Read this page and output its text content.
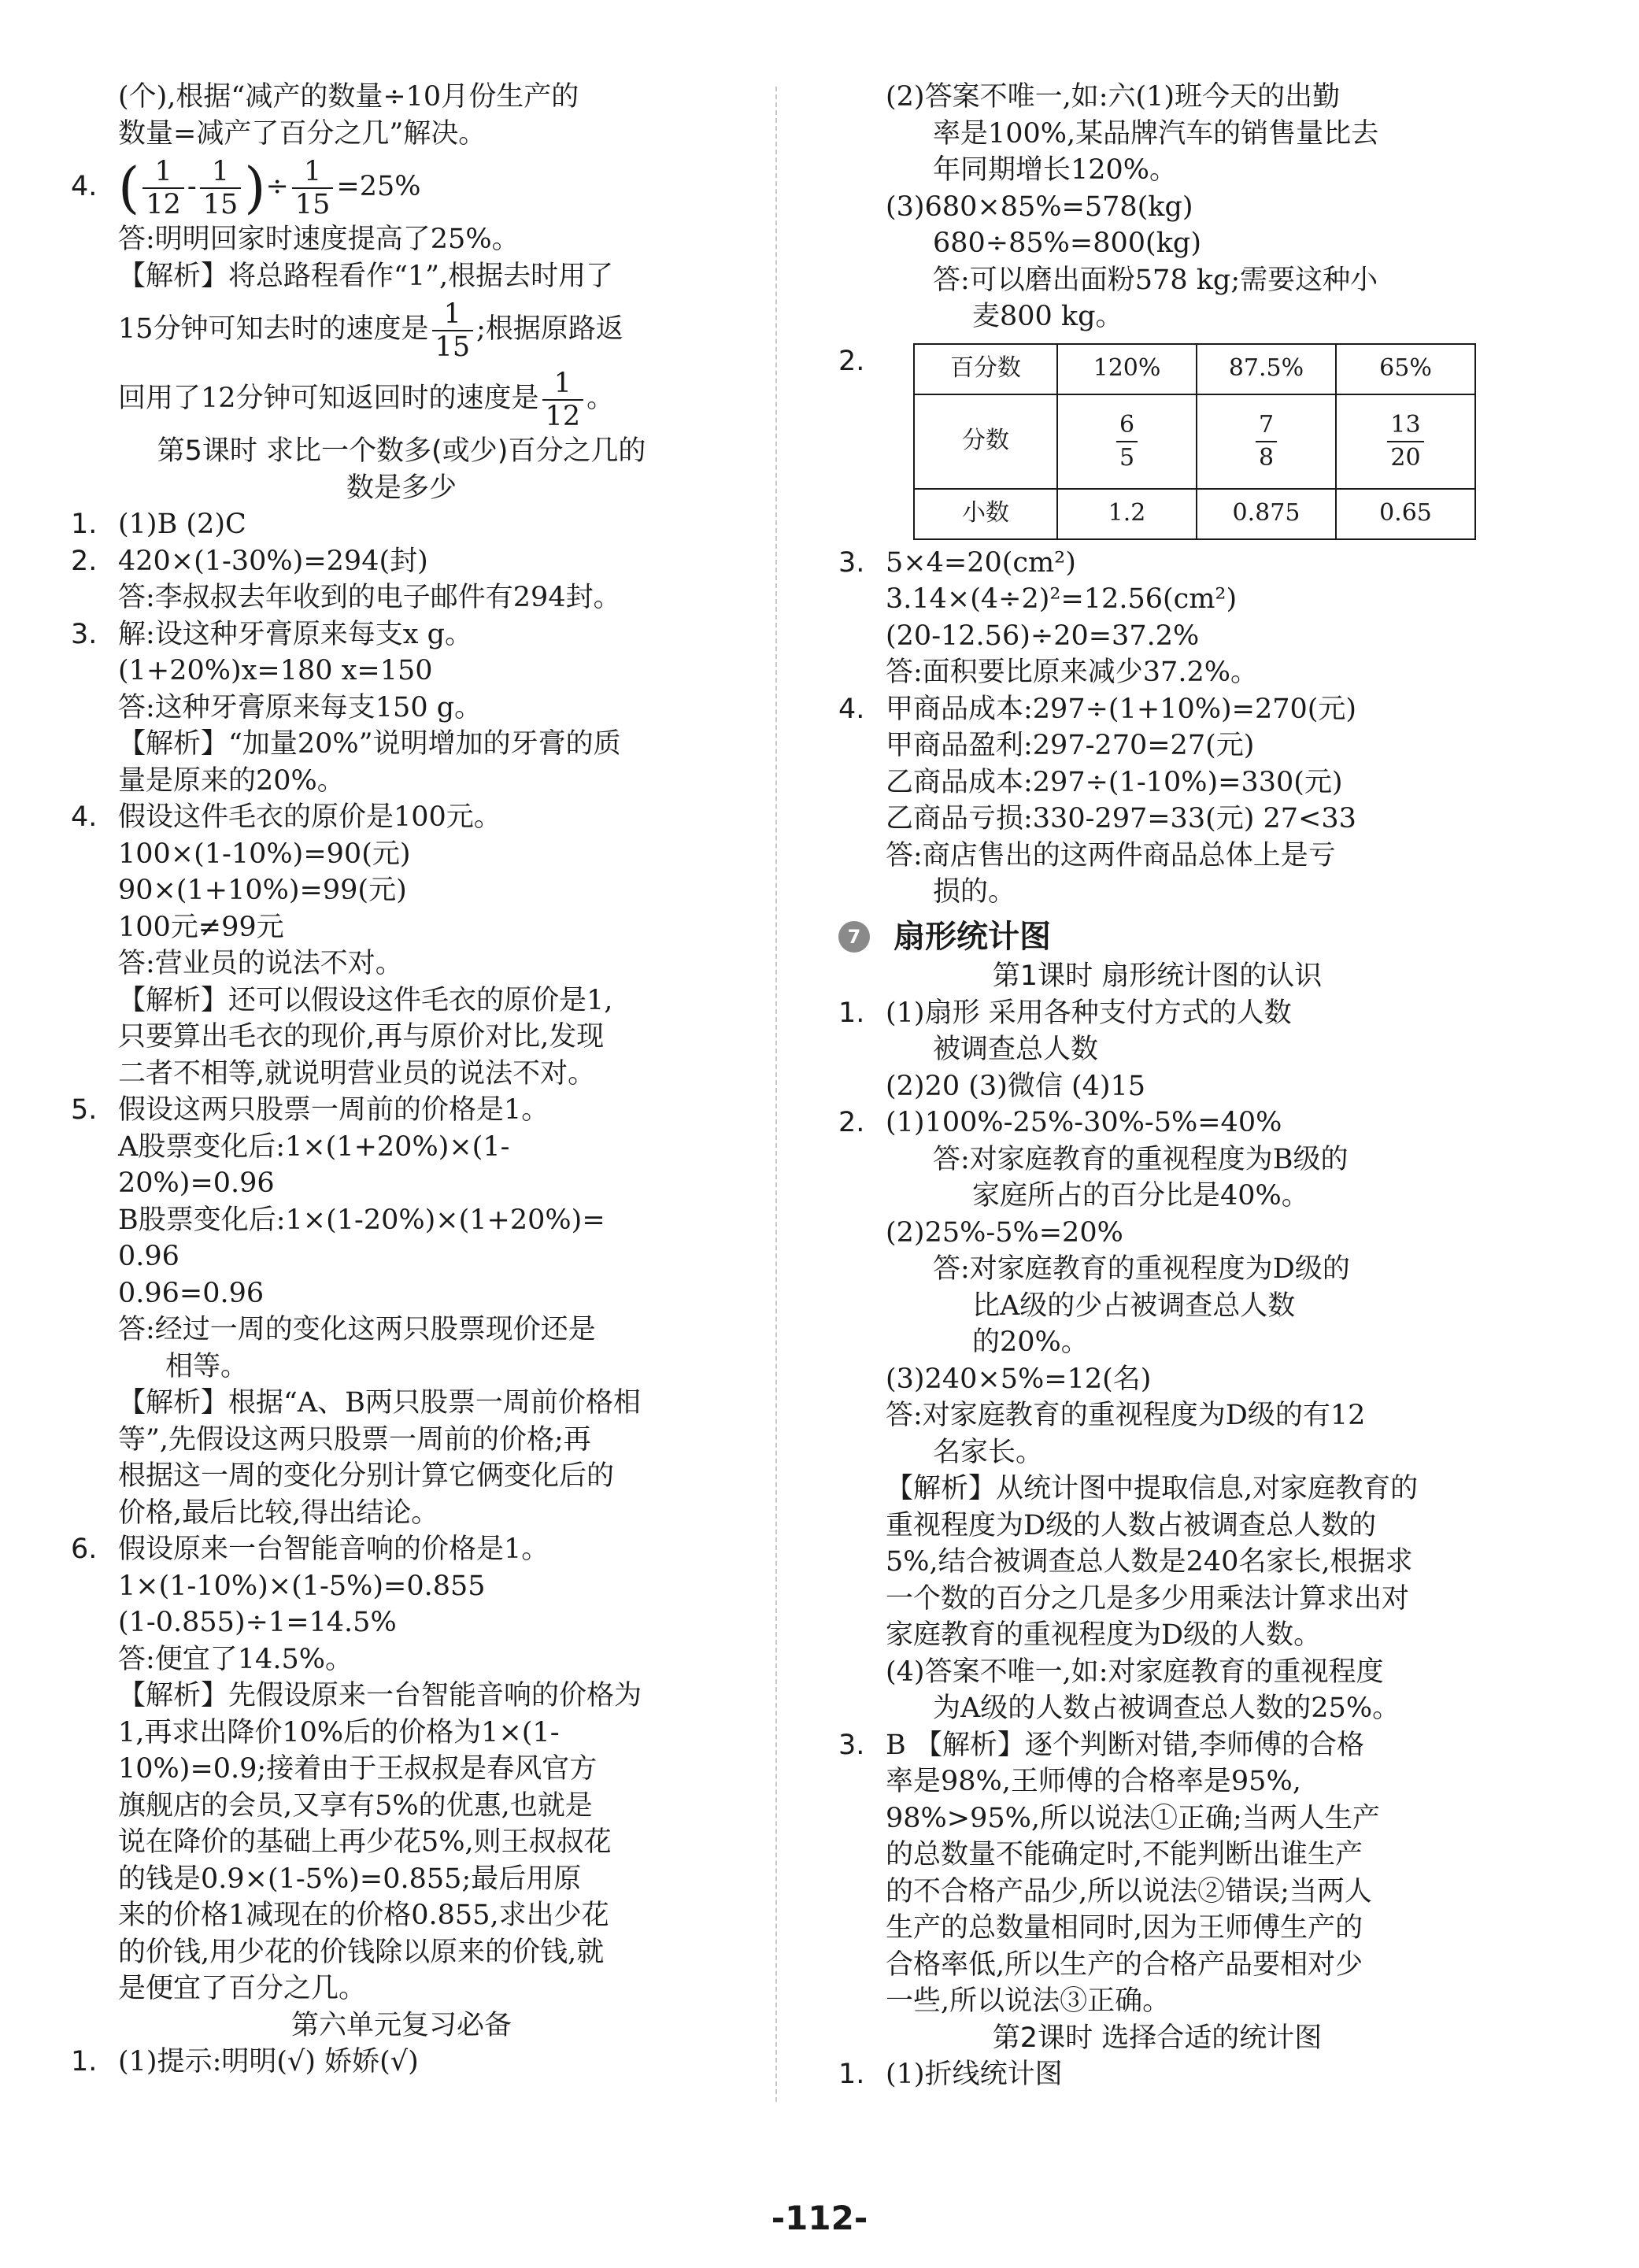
(个),根据“减产的数量÷10月份生产的
数量=减产了百分之几”解决。
4. ( $\frac{1}{12} - \frac{1}{15}$ )÷ $\frac{1}{15} =25\%$
答:明明回家时速度提高了25%。
【解析】将总路程看作“1”,根据去时用了
15分钟可知去时的速度是 $\frac{1}{15}$ ;根据原路返
回用了12分钟可知返回时的速度是 $\frac{1}{12}$ 。
第5课时 求比一个数多(或少)百分之几的
数是多少
1. (1)B (2)C
2. 420×(1-30%)=294(封)
答:李叔叔去年收到的电子邮件有294封。
3. 解:设这种牙膏原来每支x g。
(1+20%)x=180 x=150
答:这种牙膏原来每支150 g。
【解析】“加量20%”说明增加的牙膏的质
量是原来的20%。
4. 假设这件毛衣的原价是100元。
100×(1-10%)=90(元)
90×(1+10%)=99(元)
100元≠99元
答:营业员的说法不对。
【解析】还可以假设这件毛衣的原价是1,
只要算出毛衣的现价,再与原价对比,发现
二者不相等,就说明营业员的说法不对。
5. 假设这两只股票一周前的价格是1。
A股票变化后:1×(1+20%)×(1-
20%)=0.96
B股票变化后:1×(1-20%)×(1+20%)=
0.96
0.96=0.96
答:经过一周的变化这两只股票现价还是
相等。
【解析】根据“A、B两只股票一周前价格相
等”,先假设这两只股票一周前的价格;再
根据这一周的变化分别计算它俩变化后的
价格,最后比较,得出结论。
6. 假设原来一台智能音响的价格是1。
1×(1-10%)×(1-5%)=0.855
(1-0.855)÷1=14.5%
答:便宜了14.5%。
【解析】先假设原来一台智能音响的价格为
1,再求出降价10%后的价格为1×(1-
10%)=0.9;接着由于王叔叔是春风官方
旗舰店的会员,又享有5%的优惠,也就是
说在降价的基础上再少花5%,则王叔叔花
的钱是0.9×(1-5%)=0.855;最后用原
来的价格1减现在的价格0.855,求出少花
的价钱,用少花的价钱除以原来的价钱,就
是便宜了百分之几。
第六单元复习必备
1. (1)提示:明明(√) 娇娇(√)
(2)答案不唯一,如:六(1)班今天的出勤
率是100%,某品牌汽车的销售量比去
年同期增长120%。
(3)680×85%=578(kg)
680÷85%=800(kg)
答:可以磨出面粉578 kg;需要这种小
麦800 kg。
2.	百分数	120%	87.5%	65%
分数	$\frac{6}{5}$	$\frac{7}{8}$	$\frac{13}{20}$

小数	1.2	0.875	0.65
3. 5×4=20(cm²)
3.14×(4÷2)²=12.56(cm²)
(20-12.56)÷20=37.2%
答:面积要比原来减少37.2%。
4. 甲商品成本:297÷(1+10%)=270(元)
甲商品盈利:297-270=27(元)
乙商品成本:297÷(1-10%)=330(元)
乙商品亏损:330-297=33(元) 27<33
答:商店售出的这两件商品总体上是亏
损的。
7 扇形统计图
第1课时 扇形统计图的认识
1. (1)扇形 采用各种支付方式的人数
被调查总人数
(2)20 (3)微信 (4)15
2. (1)100%-25%-30%-5%=40%
答:对家庭教育的重视程度为B级的
家庭所占的百分比是40%。
(2)25%-5%=20%
答:对家庭教育的重视程度为D级的
比A级的少占被调查总人数
的20%。
(3)240×5%=12(名)
答:对家庭教育的重视程度为D级的有12
名家长。
【解析】从统计图中提取信息,对家庭教育的
重视程度为D级的人数占被调查总人数的
5%,结合被调查总人数是240名家长,根据求
一个数的百分之几是多少用乘法计算求出对
家庭教育的重视程度为D级的人数。
(4)答案不唯一,如:对家庭教育的重视程度
为A级的人数占被调查总人数的25%。
3. B 【解析】逐个判断对错,李师傅的合格
率是98%,王师傅的合格率是95%,
98%>95%,所以说法①正确;当两人生产
的总数量不能确定时,不能判断出谁生产
的不合格产品少,所以说法②错误;当两人
生产的总数量相同时,因为王师傅生产的
合格率低,所以生产的合格产品要相对少
一些,所以说法③正确。
第2课时 选择合适的统计图
1. (1)折线统计图
-112-
